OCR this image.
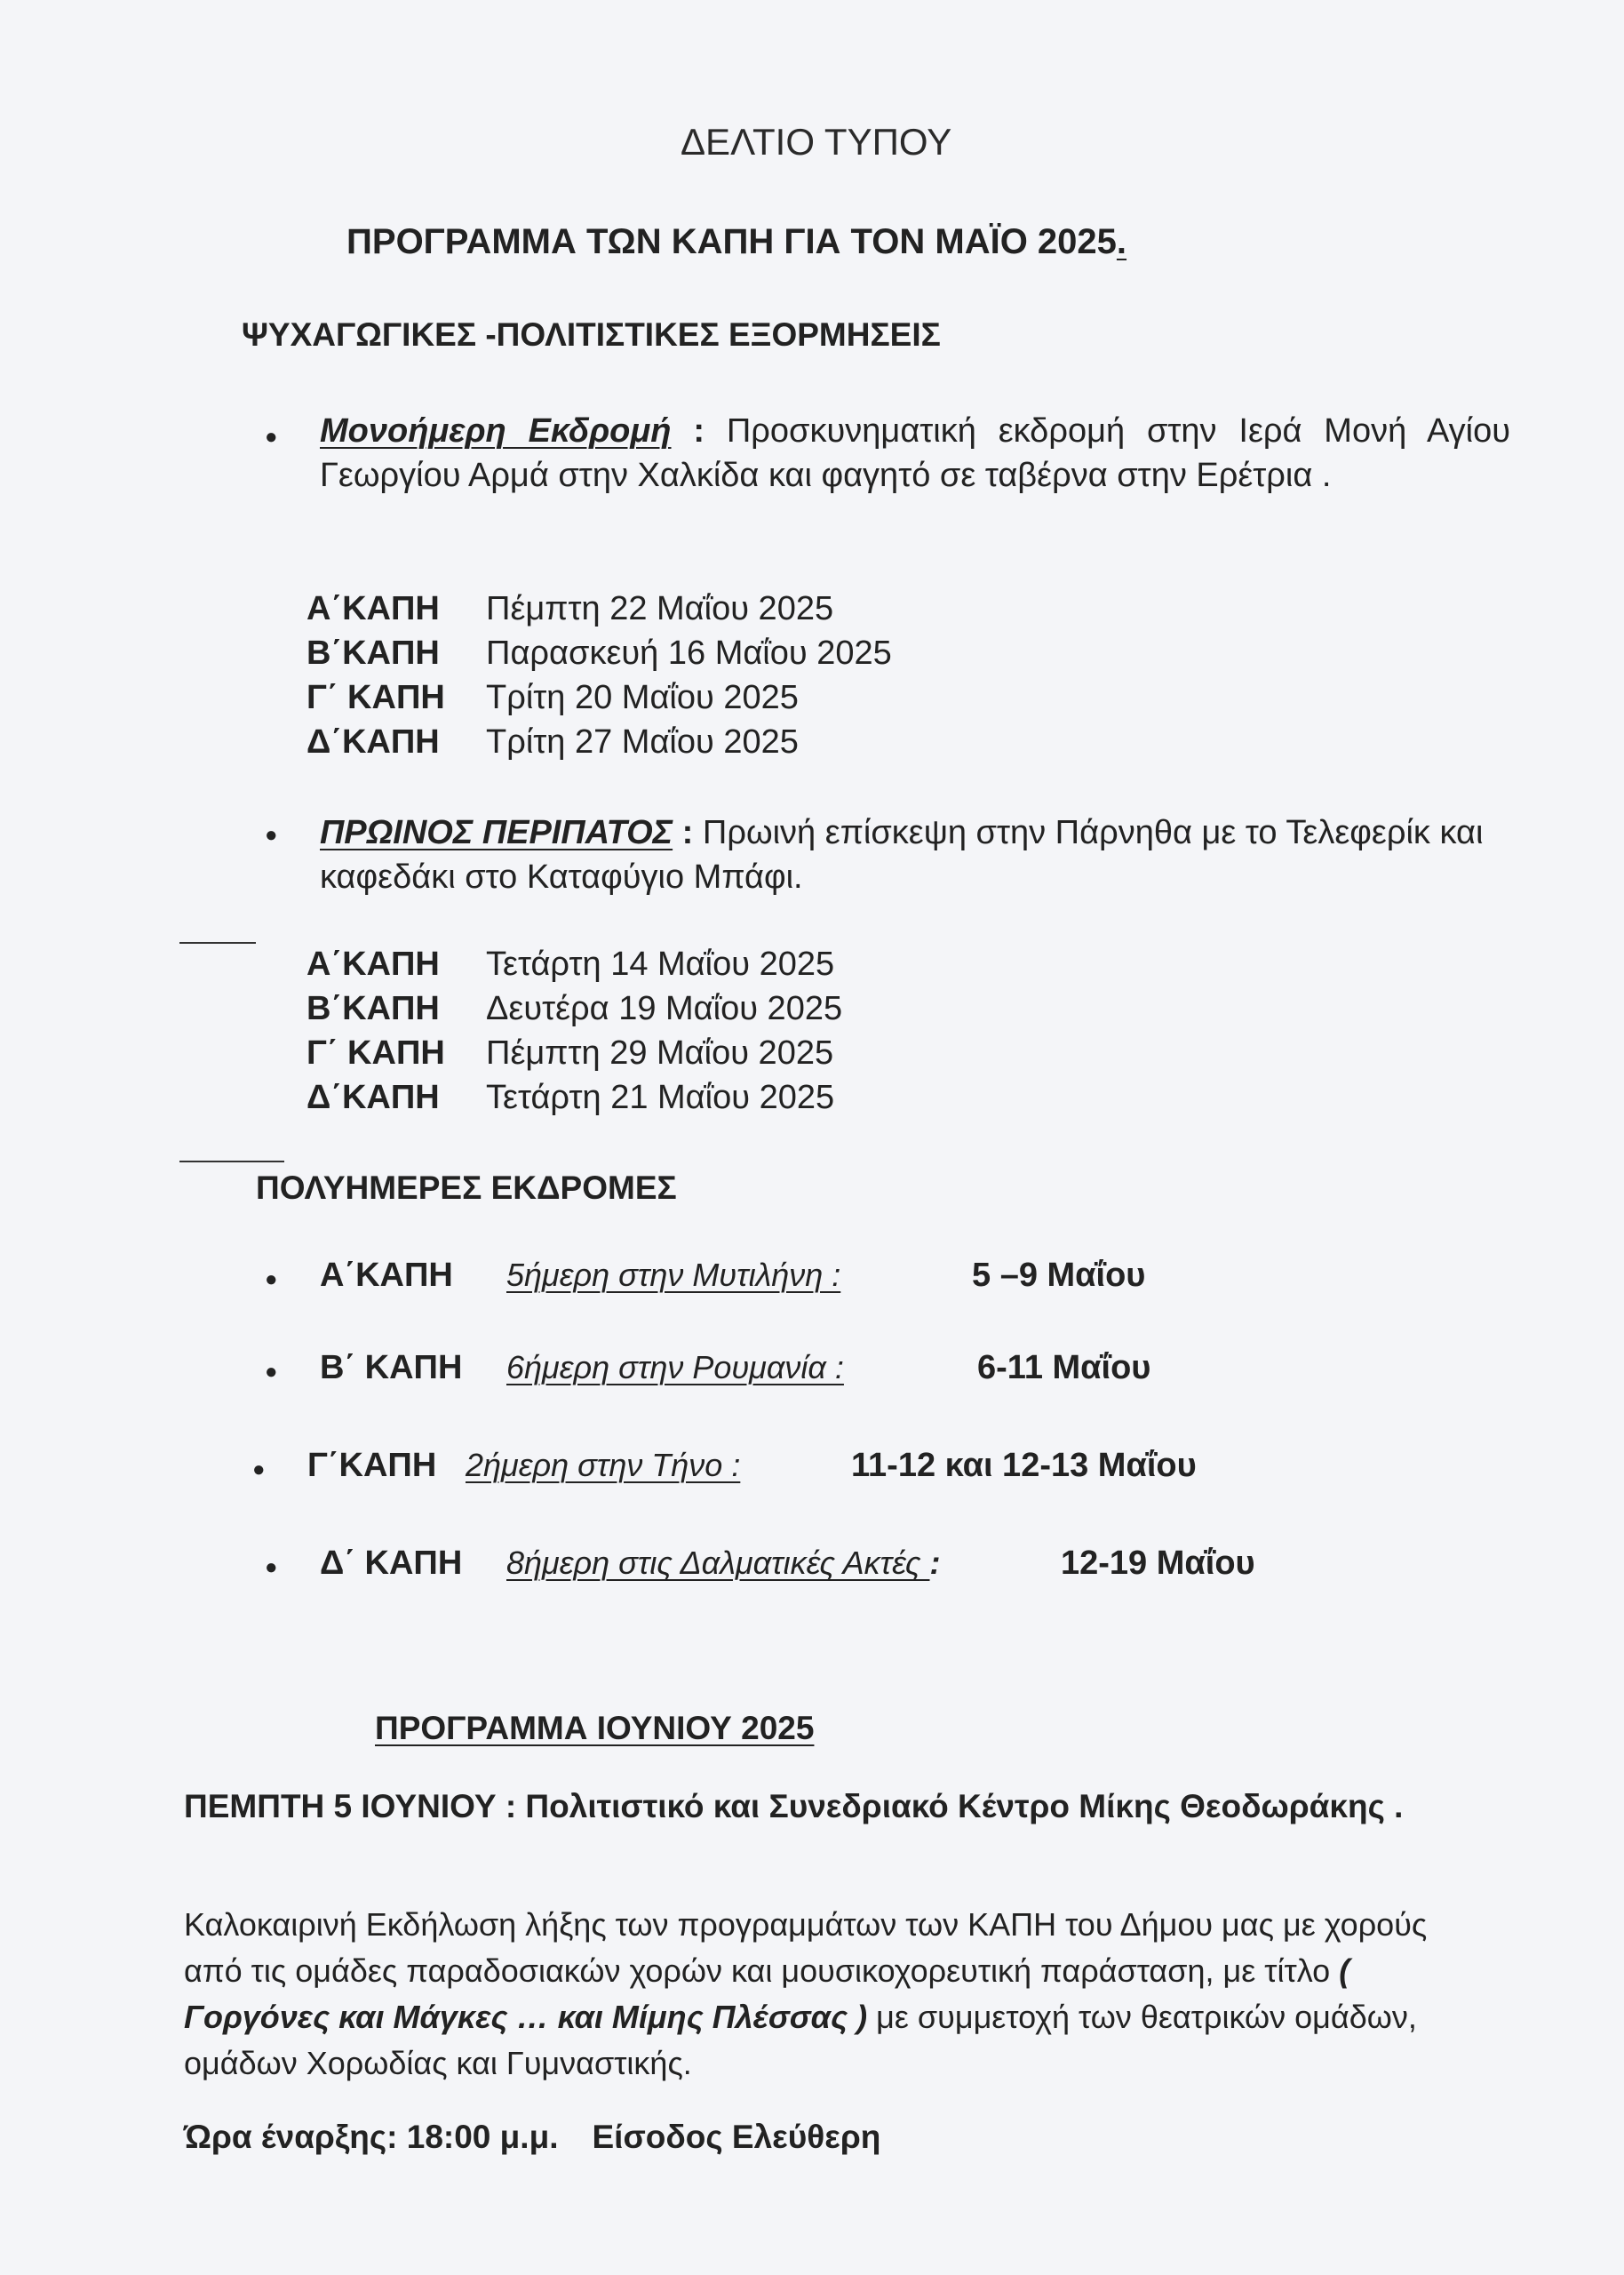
ΔΕΛΤΙΟ ΤΥΠΟΥ
ΠΡΟΓΡΑΜΜΑ ΤΩΝ ΚΑΠΗ ΓΙΑ ΤΟΝ ΜΑΪΟ 2025.
ΨΥΧΑΓΩΓΙΚΕΣ -ΠΟΛΙΤΙΣΤΙΚΕΣ ΕΞΟΡΜΗΣΕΙΣ
● Μονοήμερη Εκδρομή : Προσκυνηματική εκδρομή στην Ιερά Μονή Αγίου Γεωργίου Αρμά στην Χαλκίδα και φαγητό σε ταβέρνα στην Ερέτρια .
Α΄ΚΑΠΗ Πέμπτη 22 Μαΐου 2025
Β΄ΚΑΠΗ Παρασκευή 16 Μαΐου 2025
Γ΄ ΚΑΠΗ Τρίτη 20 Μαΐου 2025
Δ΄ΚΑΠΗ Τρίτη 27 Μαΐου 2025
● ΠΡΩΙΝΟΣ ΠΕΡΙΠΑΤΟΣ : Πρωινή επίσκεψη στην Πάρνηθα με το Τελεφερίκ και καφεδάκι στο Καταφύγιο Μπάφι.
Α΄ΚΑΠΗ Τετάρτη 14 Μαΐου 2025
Β΄ΚΑΠΗ Δευτέρα 19 Μαΐου 2025
Γ΄ ΚΑΠΗ Πέμπτη 29 Μαΐου 2025
Δ΄ΚΑΠΗ Τετάρτη 21 Μαΐου 2025
ΠΟΛΥΗΜΕΡΕΣ ΕΚΔΡΟΜΕΣ
● Α΄ΚΑΠΗ 5ήμερη στην Μυτιλήνη :	5 –9 Μαΐου
● Β΄ ΚΑΠΗ 6ήμερη στην Ρουμανία :	6-11 Μαΐου
● Γ΄ΚΑΠΗ 2ήμερη στην Τήνο :	11-12 και 12-13 Μαΐου
● Δ΄ ΚΑΠΗ 8ήμερη στις Δαλματικές Ακτές :	12-19 Μαΐου
ΠΡΟΓΡΑΜΜΑ ΙΟΥΝΙΟΥ 2025
ΠΕΜΠΤΗ 5 ΙΟΥΝΙΟΥ : Πολιτιστικό και Συνεδριακό Κέντρο Μίκης Θεοδωράκης .
Καλοκαιρινή Εκδήλωση λήξης των προγραμμάτων των ΚΑΠΗ του Δήμου μας με χορούς από τις ομάδες παραδοσιακών χορών και μουσικοχορευτική παράσταση, με τίτλο ( Γοργόνες και Μάγκες … και Μίμης Πλέσσας ) με συμμετοχή των θεατρικών ομάδων, ομάδων Χορωδίας και Γυμναστικής.
Ώρα έναρξης: 18:00 μ.μ. Είσοδος Ελεύθερη
